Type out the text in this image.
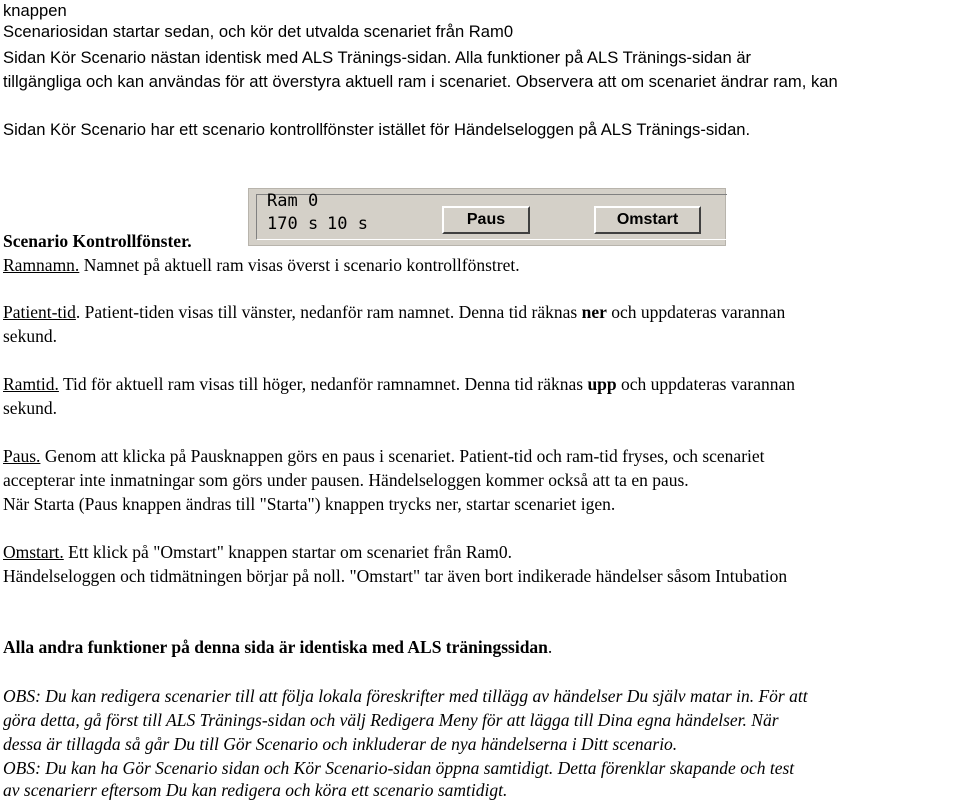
knappen
Scenariosidan startar sedan, och kör det utvalda scenariet från Ram0
Sidan Kör Scenario nästan identisk med ALS Tränings-sidan. Alla funktioner på ALS Tränings-sidan är
tillgängliga och kan användas för att överstyra aktuell ram i scenariet. Observera att om scenariet ändrar ram, kan
Sidan Kör Scenario har ett scenario kontrollfönster istället för Händelseloggen på ALS Tränings-sidan.
Scenario Kontrollfönster.
Ram 0
170 s 10 s	Paus	Omstart
Ramnamn. Namnet på aktuell ram visas överst i scenario kontrollfönstret.
Patient-tid. Patient-tiden visas till vänster, nedanför ram namnet. Denna tid räknas ner och uppdateras varannan
sekund.
Ramtid. Tid för aktuell ram visas till höger, nedanför ramnamnet. Denna tid räknas upp och uppdateras varannan
sekund.
Paus. Genom att klicka på Pausknappen görs en paus i scenariet. Patient-tid och ram-tid fryses, och scenariet
accepterar inte inmatningar som görs under pausen. Händelseloggen kommer också att ta en paus.
När Starta (Paus knappen ändras till "Starta") knappen trycks ner, startar scenariet igen.
Omstart. Ett klick på "Omstart" knappen startar om scenariet från Ram0.
Händelseloggen och tidmätningen börjar på noll. "Omstart" tar även bort indikerade händelser såsom Intubation
Alla andra funktioner på denna sida är identiska med ALS träningssidan.
OBS: Du kan redigera scenarier till att följa lokala föreskrifter med tillägg av händelser Du själv matar in. För att
göra detta, gå först till ALS Tränings-sidan och välj Redigera Meny för att lägga till Dina egna händelser. När
dessa är tillagda så går Du till Gör Scenario och inkluderar de nya händelserna i Ditt scenario.
OBS: Du kan ha Gör Scenario sidan och Kör Scenario-sidan öppna samtidigt. Detta förenklar skapande och test
av scenarierr eftersom Du kan redigera och köra ett scenario samtidigt.
